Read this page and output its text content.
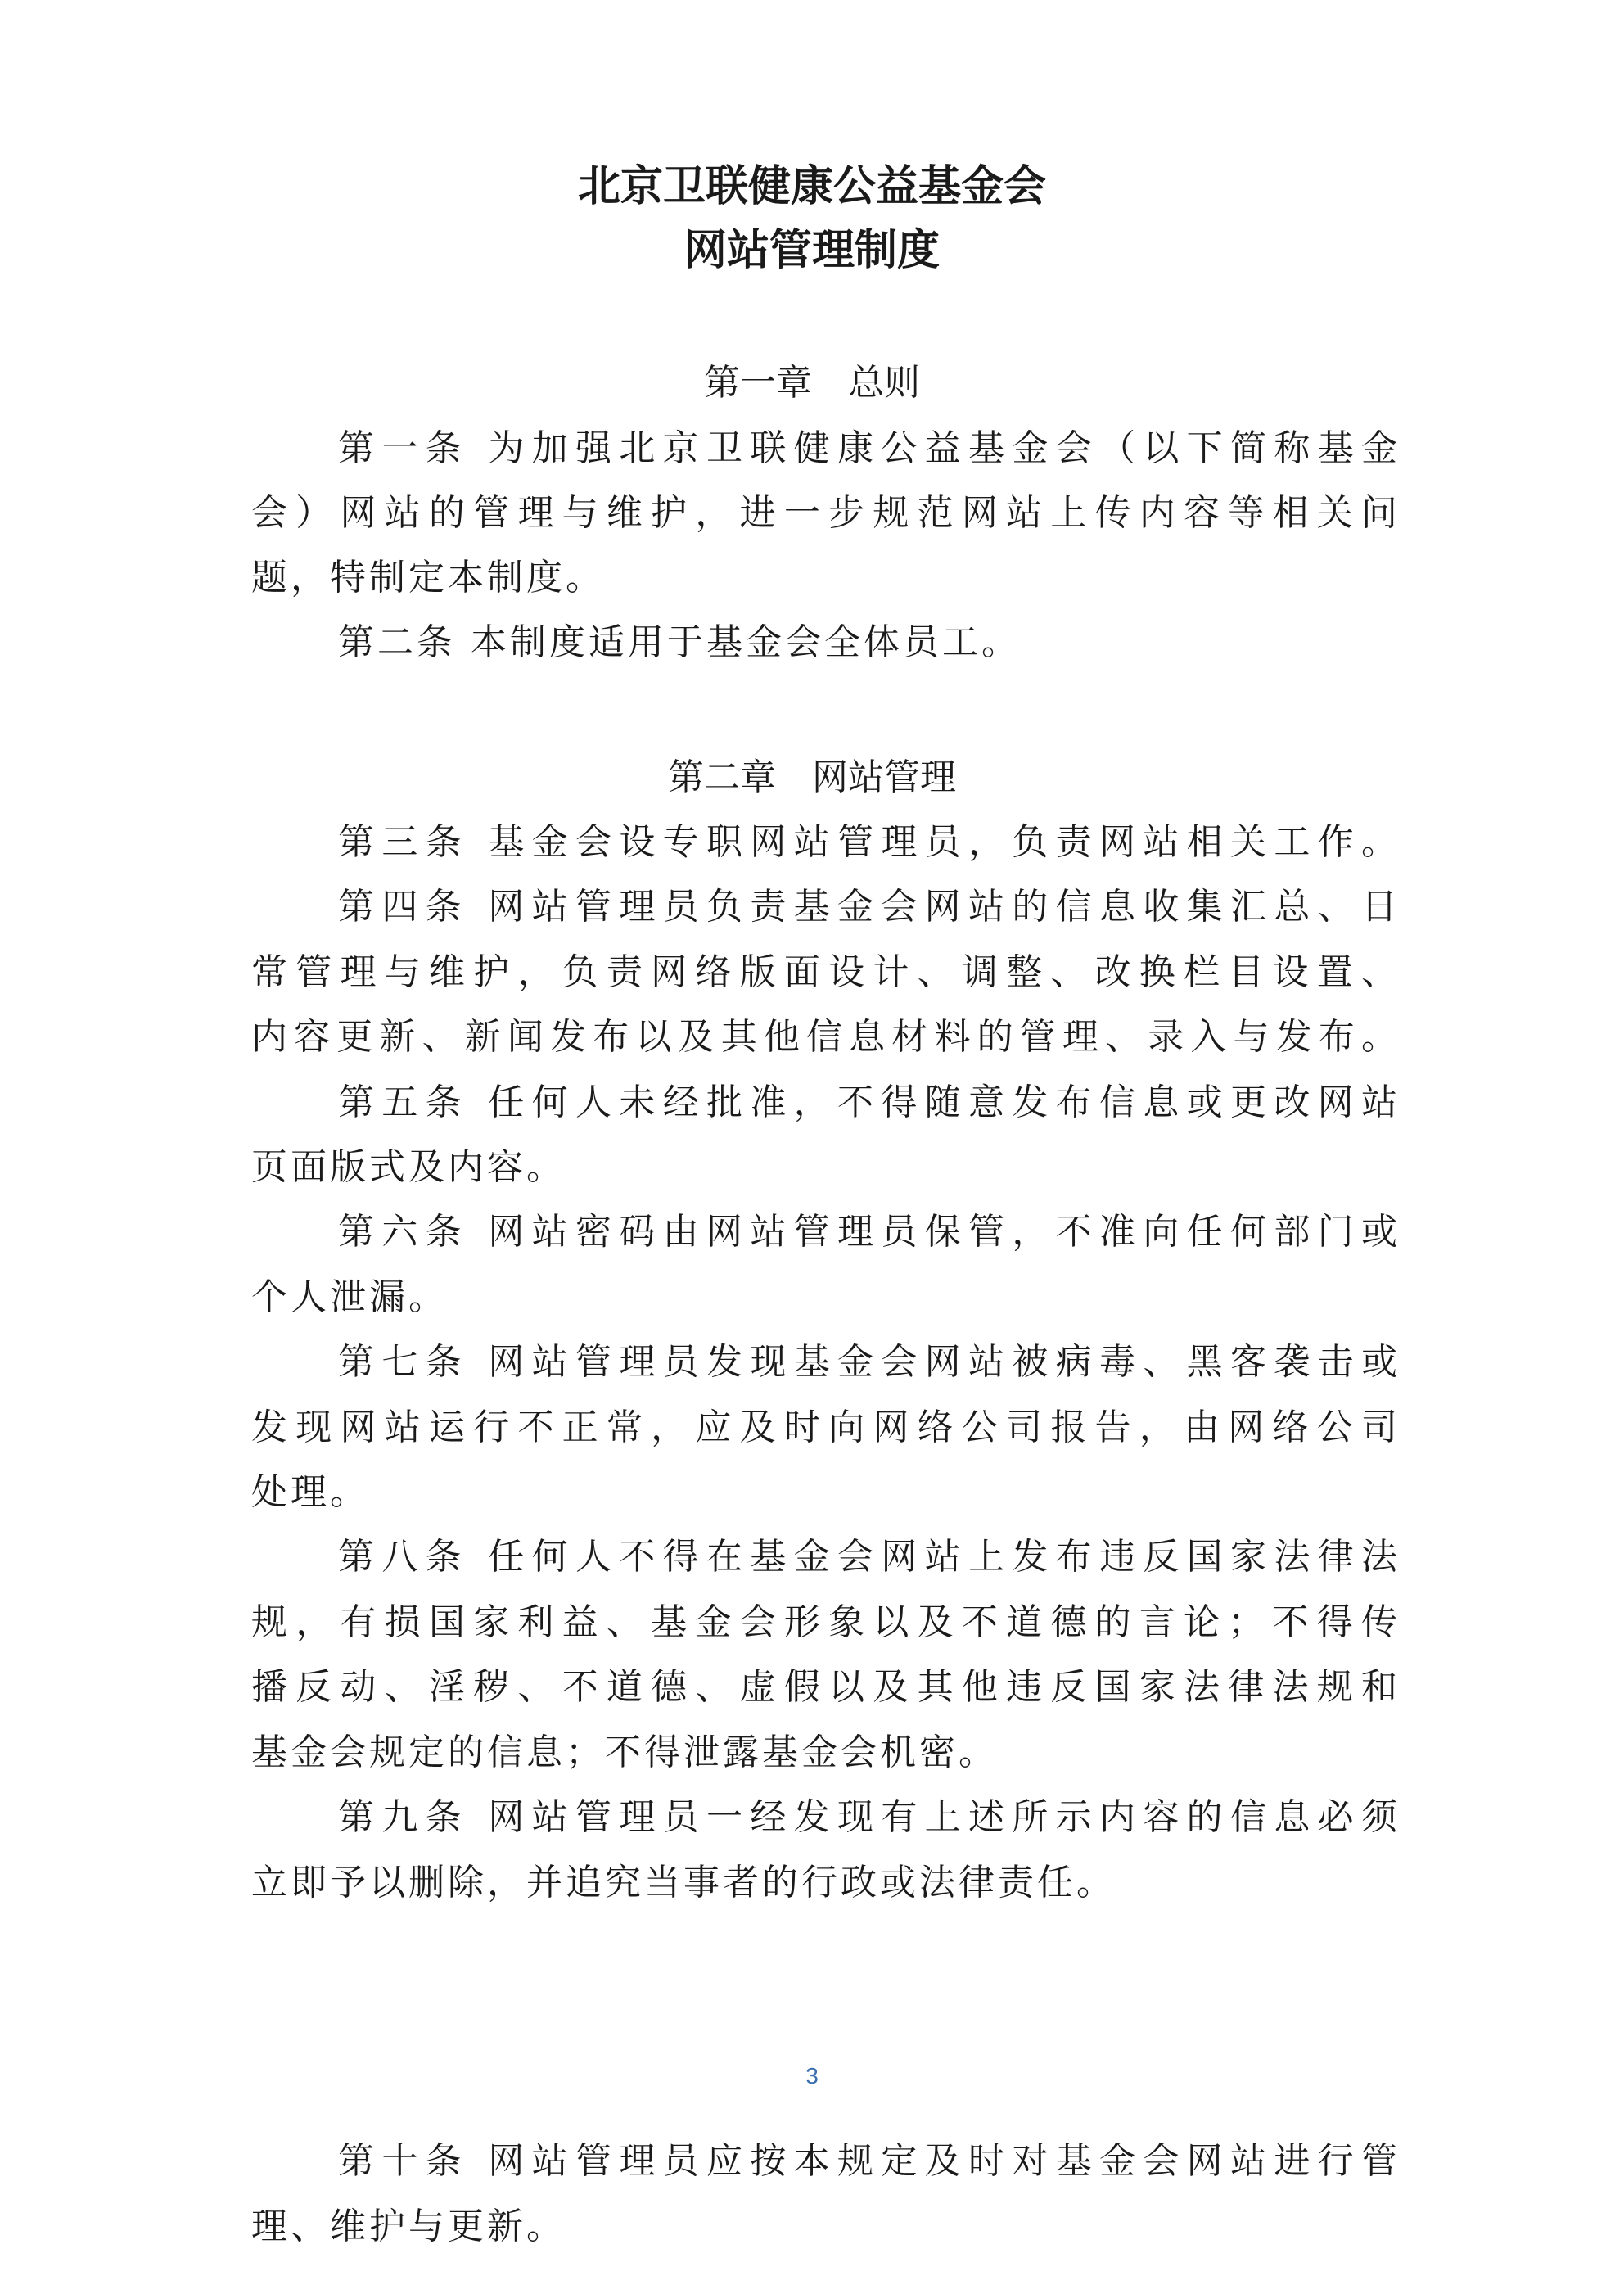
北京卫联健康公益基金会
网站管理制度
第一章　总则
第一条 为加强北京卫联健康公益基金会（以下简称基金
会）网站的管理与维护，进一步规范网站上传内容等相关问
题，特制定本制度。
第二条 本制度适用于基金会全体员工。
第二章　网站管理
第三条 基金会设专职网站管理员，负责网站相关工作。
第四条 网站管理员负责基金会网站的信息收集汇总、日
常管理与维护，负责网络版面设计、调整、改换栏目设置、
内容更新、新闻发布以及其他信息材料的管理、录入与发布。
第五条 任何人未经批准，不得随意发布信息或更改网站
页面版式及内容。
第六条 网站密码由网站管理员保管，不准向任何部门或
个人泄漏。
第七条 网站管理员发现基金会网站被病毒、黑客袭击或
发现网站运行不正常，应及时向网络公司报告，由网络公司
处理。
第八条 任何人不得在基金会网站上发布违反国家法律法
规，有损国家利益、基金会形象以及不道德的言论；不得传
播反动、淫秽、不道德、虚假以及其他违反国家法律法规和
基金会规定的信息；不得泄露基金会机密。
第九条 网站管理员一经发现有上述所示内容的信息必须
立即予以删除，并追究当事者的行政或法律责任。
3
第十条 网站管理员应按本规定及时对基金会网站进行管
理、维护与更新。
